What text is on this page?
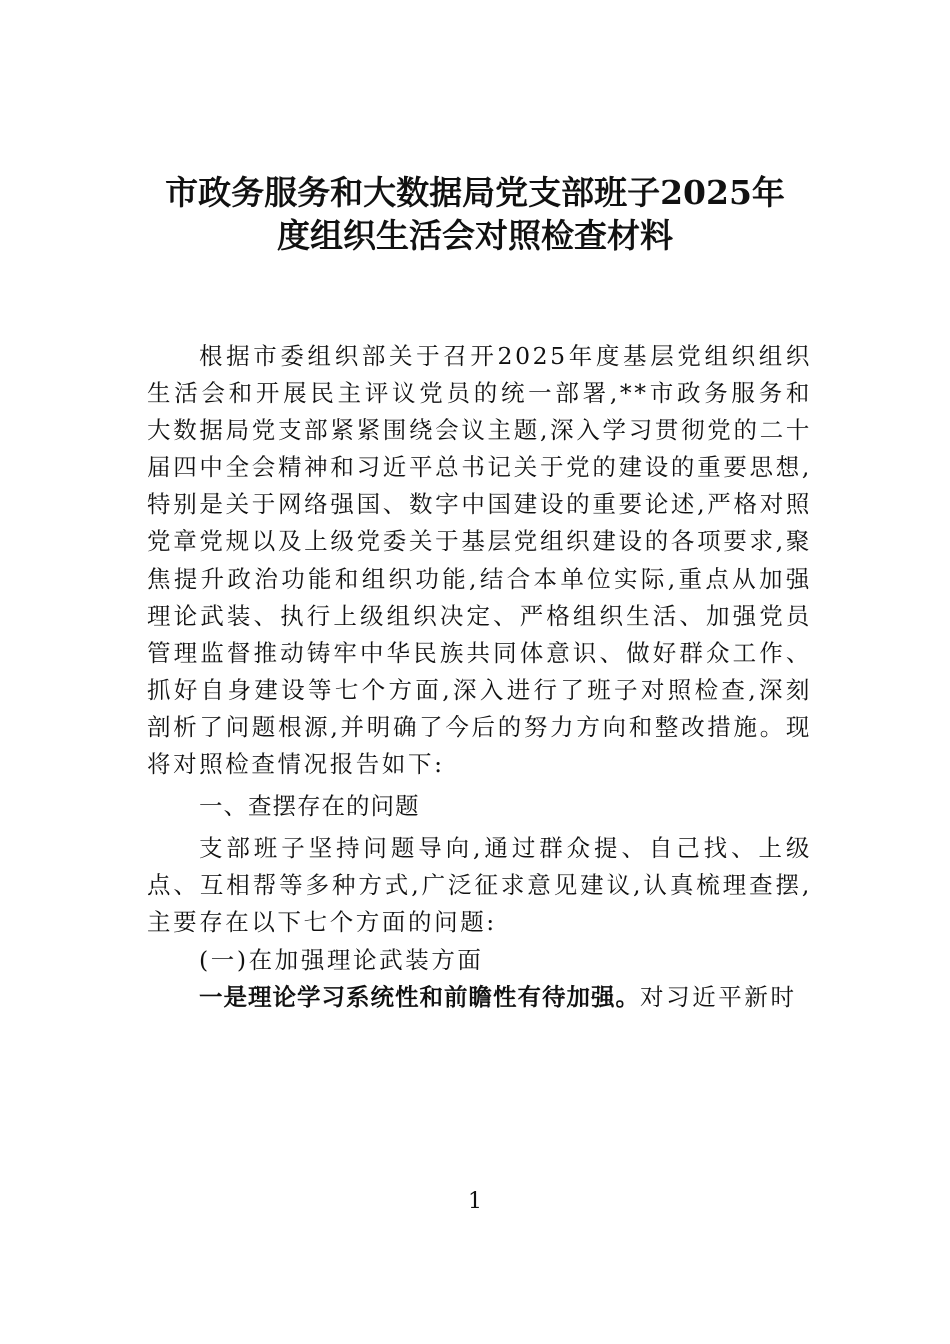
市政务服务和大数据局党支部班子2025年
度组织生活会对照检查材料

根据市委组织部关于召开2025年度基层党组织组织生活会和开展民主评议党员的统一部署,**市政务服务和大数据局党支部紧紧围绕会议主题,深入学习贯彻党的二十届四中全会精神和习近平总书记关于党的建设的重要思想,特别是关于网络强国、数字中国建设的重要论述,严格对照党章党规以及上级党委关于基层党组织建设的各项要求,聚焦提升政治功能和组织功能,结合本单位实际,重点从加强理论武装、执行上级组织决定、严格组织生活、加强党员管理监督推动铸牢中华民族共同体意识、做好群众工作、抓好自身建设等七个方面,深入进行了班子对照检查,深刻剖析了问题根源,并明确了今后的努力方向和整改措施。现将对照检查情况报告如下:

一、查摆存在的问题

支部班子坚持问题导向,通过群众提、自己找、上级点、互相帮等多种方式,广泛征求意见建议,认真梳理查摆,主要存在以下七个方面的问题:

(一)在加强理论武装方面

一是理论学习系统性和前瞻性有待加强。对习近平新时

1
